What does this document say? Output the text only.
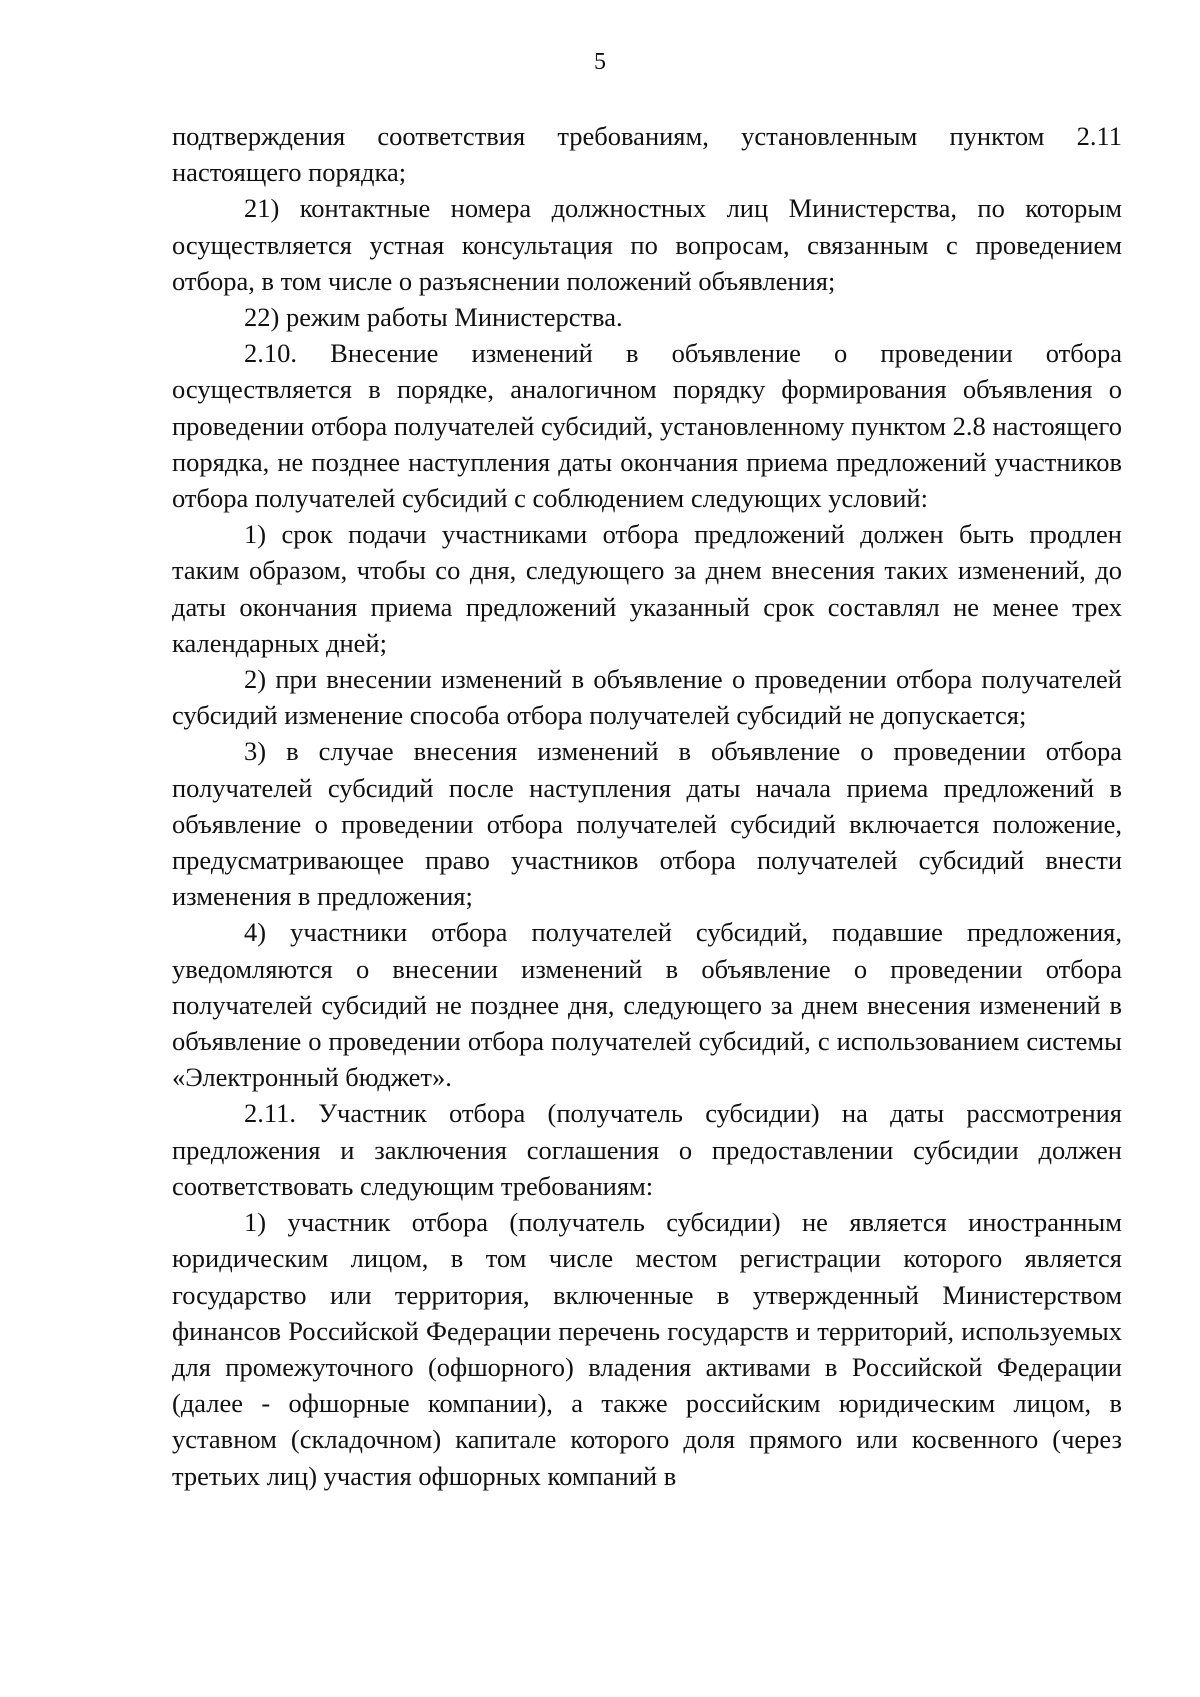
5

подтверждения соответствия требованиям, установленным пунктом 2.11 настоящего порядка;

21) контактные номера должностных лиц Министерства, по которым осуществляется устная консультация по вопросам, связанным с проведением отбора, в том числе о разъяснении положений объявления;

22) режим работы Министерства.

2.10. Внесение изменений в объявление о проведении отбора осуществляется в порядке, аналогичном порядку формирования объявления о проведении отбора получателей субсидий, установленному пунктом 2.8 настоящего порядка, не позднее наступления даты окончания приема предложений участников отбора получателей субсидий с соблюдением следующих условий:

1) срок подачи участниками отбора предложений должен быть продлен таким образом, чтобы со дня, следующего за днем внесения таких изменений, до даты окончания приема предложений указанный срок составлял не менее трех календарных дней;

2) при внесении изменений в объявление о проведении отбора получателей субсидий изменение способа отбора получателей субсидий не допускается;

3) в случае внесения изменений в объявление о проведении отбора получателей субсидий после наступления даты начала приема предложений в объявление о проведении отбора получателей субсидий включается положение, предусматривающее право участников отбора получателей субсидий внести изменения в предложения;

4) участники отбора получателей субсидий, подавшие предложения, уведомляются о внесении изменений в объявление о проведении отбора получателей субсидий не позднее дня, следующего за днем внесения изменений в объявление о проведении отбора получателей субсидий, с использованием системы «Электронный бюджет».

2.11. Участник отбора (получатель субсидии) на даты рассмотрения предложения и заключения соглашения о предоставлении субсидии должен соответствовать следующим требованиям:

1) участник отбора (получатель субсидии) не является иностранным юридическим лицом, в том числе местом регистрации которого является государство или территория, включенные в утвержденный Министерством финансов Российской Федерации перечень государств и территорий, используемых для промежуточного (офшорного) владения активами в Российской Федерации (далее - офшорные компании), а также российским юридическим лицом, в уставном (складочном) капитале которого доля прямого или косвенного (через третьих лиц) участия офшорных компаний в
